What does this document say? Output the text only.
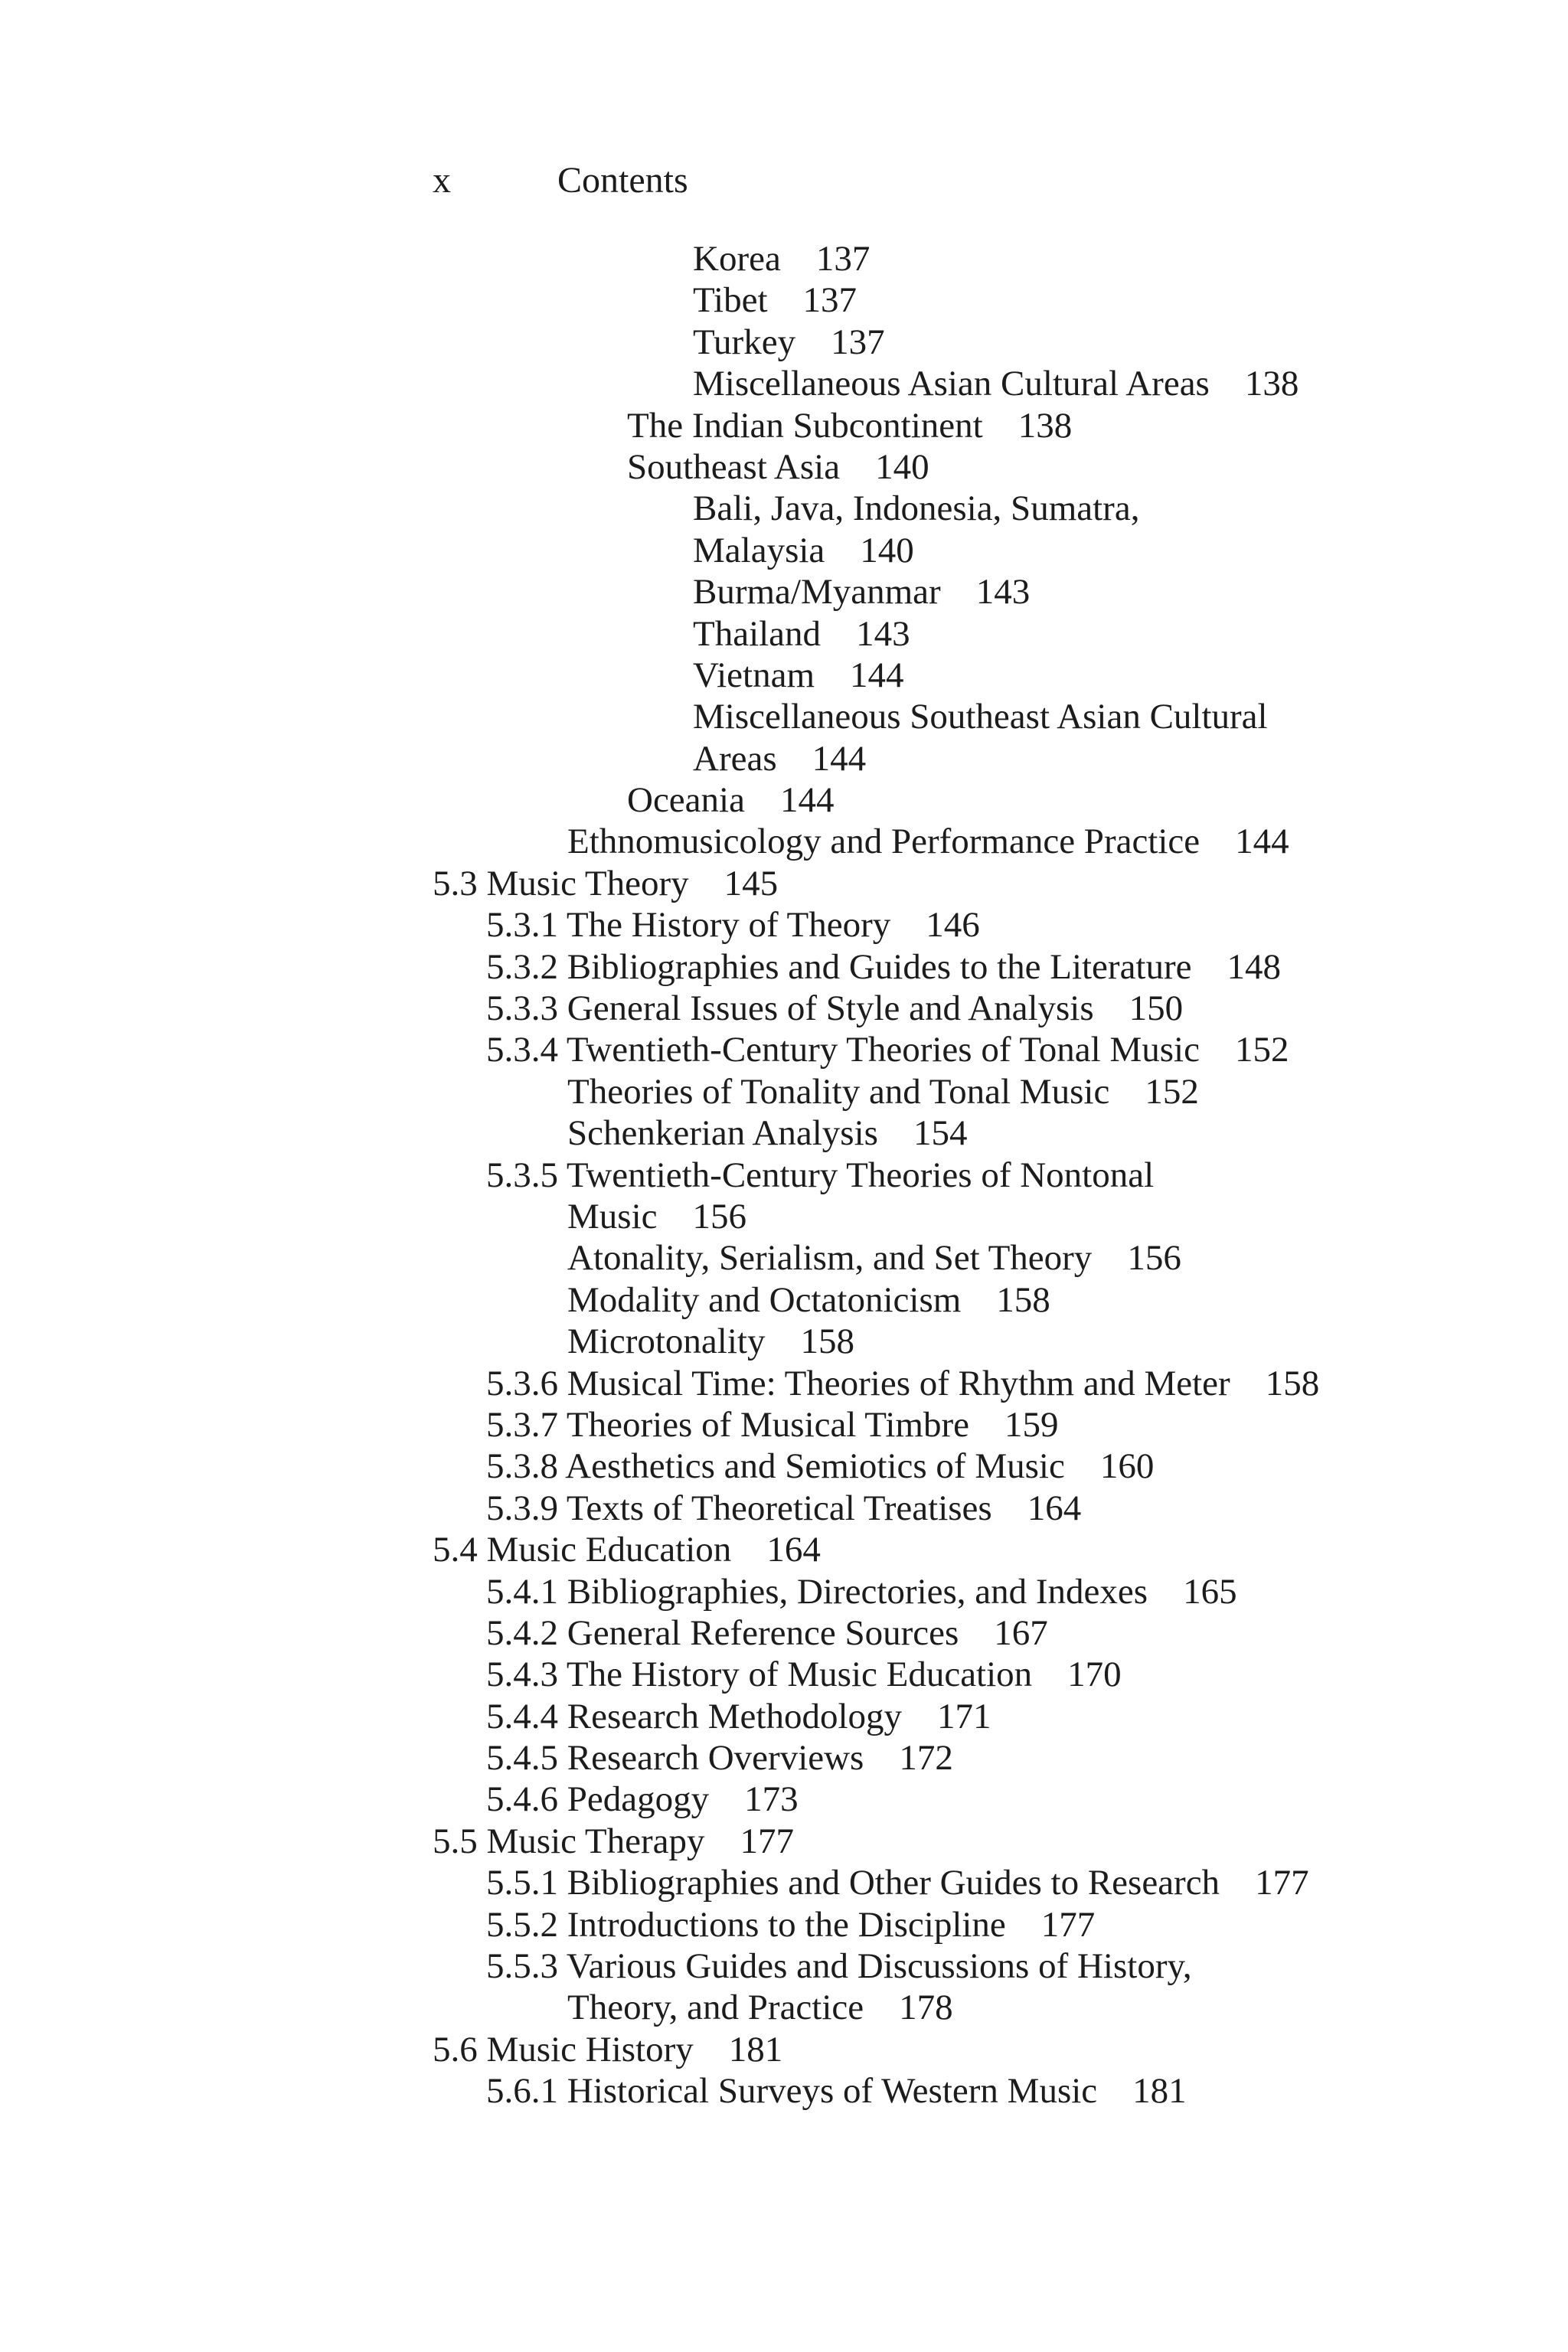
x	Contents
Korea 137
Tibet 137
Turkey 137
Miscellaneous Asian Cultural Areas 138
The Indian Subcontinent 138
Southeast Asia 140
Bali, Java, Indonesia, Sumatra,
Malaysia 140
Burma/Myanmar 143
Thailand 143
Vietnam 144
Miscellaneous Southeast Asian Cultural
Areas 144
Oceania 144
Ethnomusicology and Performance Practice 144
5.3 Music Theory 145
5.3.1 The History of Theory 146
5.3.2 Bibliographies and Guides to the Literature 148
5.3.3 General Issues of Style and Analysis 150
5.3.4 Twentieth-Century Theories of Tonal Music 152
Theories of Tonality and Tonal Music 152
Schenkerian Analysis 154
5.3.5 Twentieth-Century Theories of Nontonal
Music 156
Atonality, Serialism, and Set Theory 156
Modality and Octatonicism 158
Microtonality 158
5.3.6 Musical Time: Theories of Rhythm and Meter 158
5.3.7 Theories of Musical Timbre 159
5.3.8 Aesthetics and Semiotics of Music 160
5.3.9 Texts of Theoretical Treatises 164
5.4 Music Education 164
5.4.1 Bibliographies, Directories, and Indexes 165
5.4.2 General Reference Sources 167
5.4.3 The History of Music Education 170
5.4.4 Research Methodology 171
5.4.5 Research Overviews 172
5.4.6 Pedagogy 173
5.5 Music Therapy 177
5.5.1 Bibliographies and Other Guides to Research 177
5.5.2 Introductions to the Discipline 177
5.5.3 Various Guides and Discussions of History,
Theory, and Practice 178
5.6 Music History 181
5.6.1 Historical Surveys of Western Music 181
